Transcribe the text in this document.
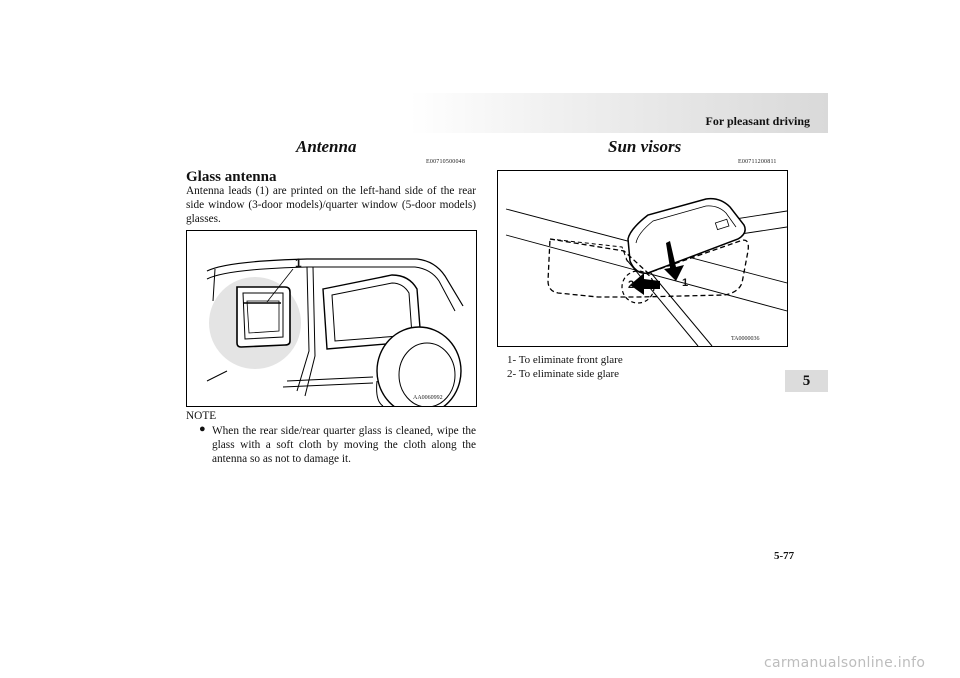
For pleasant driving
5
Antenna
E00710500048
Glass antenna
Antenna leads (1) are printed on the left-hand side of the rear side window (3-door models)/quarter window (5-door models) glasses.
1
AA0060992
NOTE
● When the rear side/rear quarter glass is cleaned, wipe the glass with a soft cloth by moving the cloth along the antenna so as not to damage it.
Sun visors
E00711200811
1
2
TA0000036
1- To eliminate front glare
2- To eliminate side glare
5-77
carmanualsonline.info
